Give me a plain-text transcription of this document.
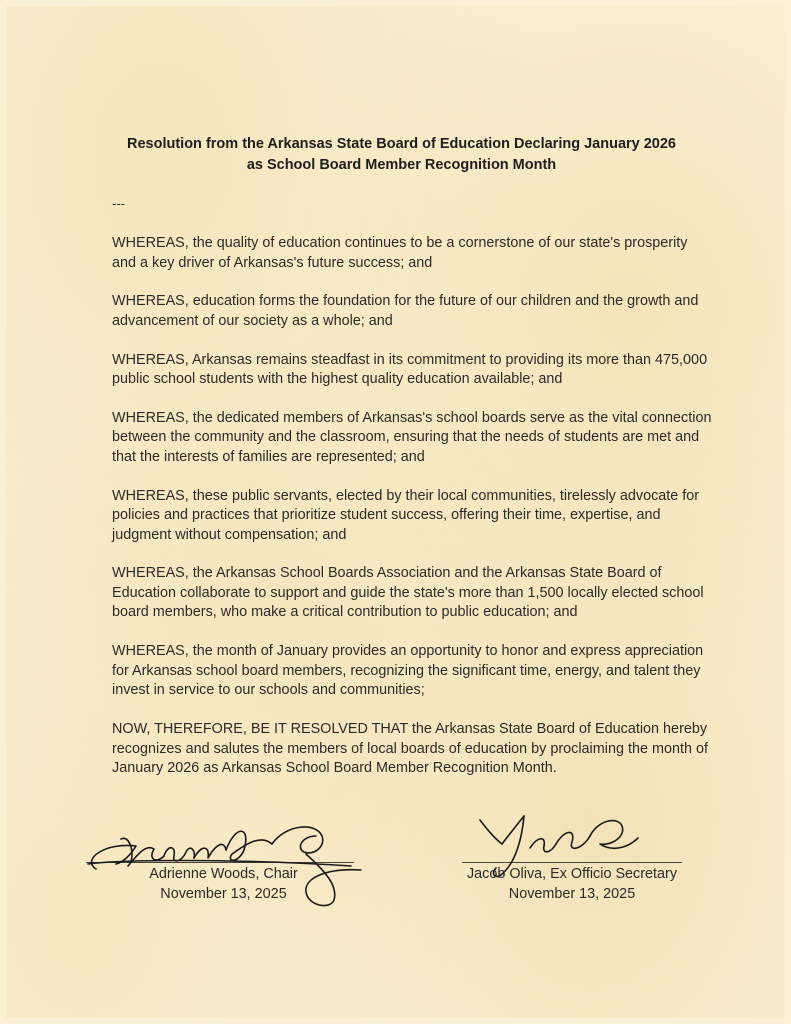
Resolution from the Arkansas State Board of Education Declaring January 2026
as School Board Member Recognition Month
---

WHEREAS, the quality of education continues to be a cornerstone of our state's prosperity and a key driver of Arkansas's future success; and

WHEREAS, education forms the foundation for the future of our children and the growth and advancement of our society as a whole; and

WHEREAS, Arkansas remains steadfast in its commitment to providing its more than 475,000 public school students with the highest quality education available; and

WHEREAS, the dedicated members of Arkansas's school boards serve as the vital connection between the community and the classroom, ensuring that the needs of students are met and that the interests of families are represented; and

WHEREAS, these public servants, elected by their local communities, tirelessly advocate for policies and practices that prioritize student success, offering their time, expertise, and judgment without compensation; and

WHEREAS, the Arkansas School Boards Association and the Arkansas State Board of Education collaborate to support and guide the state's more than 1,500 locally elected school board members, who make a critical contribution to public education; and

WHEREAS, the month of January provides an opportunity to honor and express appreciation for Arkansas school board members, recognizing the significant time, energy, and talent they invest in service to our schools and communities;

NOW, THEREFORE, BE IT RESOLVED THAT the Arkansas State Board of Education hereby recognizes and salutes the members of local boards of education by proclaiming the month of January 2026 as Arkansas School Board Member Recognition Month.

Adrienne Woods, Chair
November 13, 2025
Jacob Oliva, Ex Officio Secretary
November 13, 2025
